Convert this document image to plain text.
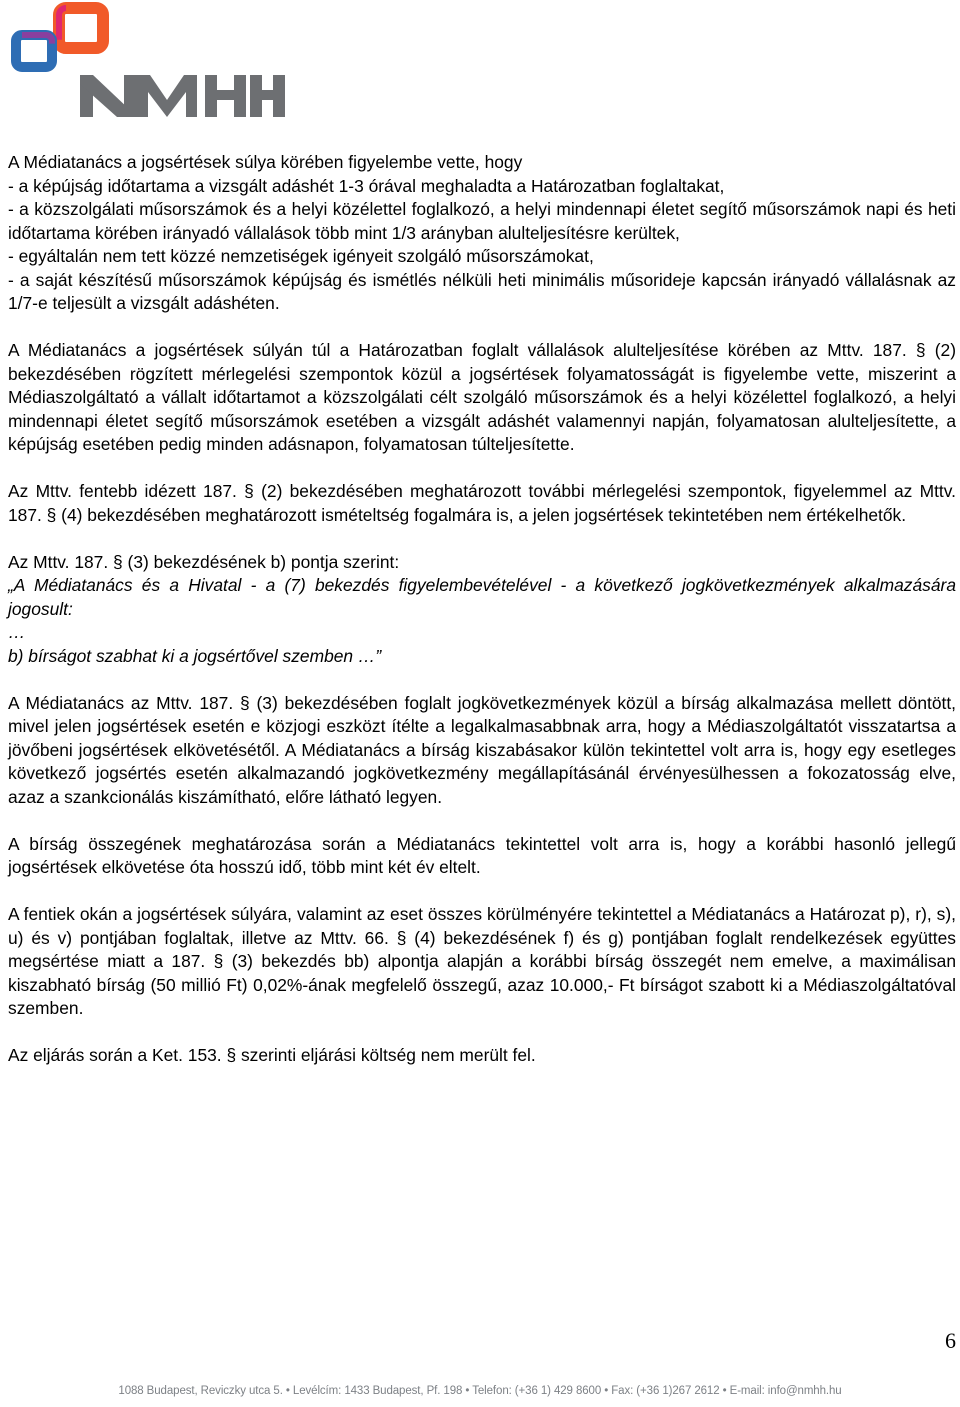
NMHH

A Médiatanács a jogsértések súlya körében figyelembe vette, hogy
- a képújság időtartama a vizsgált adáshét 1-3 órával meghaladta a Határozatban foglaltakat,
- a közszolgálati műsorszámok és a helyi közélettel foglalkozó, a helyi mindennapi életet segítő műsorszámok napi és heti időtartama körében irányadó vállalások több mint 1/3 arányban alulteljesítésre kerültek,
- egyáltalán nem tett közzé nemzetiségek igényeit szolgáló műsorszámokat,
- a saját készítésű műsorszámok képújság és ismétlés nélküli heti minimális műsorideje kapcsán irányadó vállalásnak az 1/7-e teljesült a vizsgált adáshéten.

A Médiatanács a jogsértések súlyán túl a Határozatban foglalt vállalások alulteljesítése körében az Mttv. 187. § (2) bekezdésében rögzített mérlegelési szempontok közül a jogsértések folyamatosságát is figyelembe vette, miszerint a Médiaszolgáltató a vállalt időtartamot a közszolgálati célt szolgáló műsorszámok és a helyi közélettel foglalkozó, a helyi mindennapi életet segítő műsorszámok esetében a vizsgált adáshét valamennyi napján, folyamatosan alulteljesítette, a képújság esetében pedig minden adásnapon, folyamatosan túlteljesítette.

Az Mttv. fentebb idézett 187. § (2) bekezdésében meghatározott további mérlegelési szempontok, figyelemmel az Mttv. 187. § (4) bekezdésében meghatározott ismételtség fogalmára is, a jelen jogsértések tekintetében nem értékelhetők.

Az Mttv. 187. § (3) bekezdésének b) pontja szerint:
„A Médiatanács és a Hivatal - a (7) bekezdés figyelembevételével - a következő jogkövetkezmények alkalmazására jogosult:
…
b) bírságot szabhat ki a jogsértővel szemben …”

A Médiatanács az Mttv. 187. § (3) bekezdésében foglalt jogkövetkezmények közül a bírság alkalmazása mellett döntött, mivel jelen jogsértések esetén e közjogi eszközt ítélte a legalkalmasabbnak arra, hogy a Médiaszolgáltatót visszatartsa a jövőbeni jogsértések elkövetésétől. A Médiatanács a bírság kiszabásakor külön tekintettel volt arra is, hogy egy esetleges következő jogsértés esetén alkalmazandó jogkövetkezmény megállapításánál érvényesülhessen a fokozatosság elve, azaz a szankcionálás kiszámítható, előre látható legyen.

A bírság összegének meghatározása során a Médiatanács tekintettel volt arra is, hogy a korábbi hasonló jellegű jogsértések elkövetése óta hosszú idő, több mint két év eltelt.

A fentiek okán a jogsértések súlyára, valamint az eset összes körülményére tekintettel a Médiatanács a Határozat p), r), s), u) és v) pontjában foglaltak, illetve az Mttv. 66. § (4) bekezdésének f) és g) pontjában foglalt rendelkezések együttes megsértése miatt a 187. § (3) bekezdés bb) alpontja alapján a korábbi bírság összegét nem emelve, a maximálisan kiszabható bírság (50 millió Ft) 0,02%-ának megfelelő összegű, azaz 10.000,- Ft bírságot szabott ki a Médiaszolgáltatóval szemben.

Az eljárás során a Ket. 153. § szerinti eljárási költség nem merült fel.

6
1088 Budapest, Reviczky utca 5. • Levélcím: 1433 Budapest, Pf. 198 • Telefon: (+36 1) 429 8600 • Fax: (+36 1)267 2612 • E-mail: info@nmhh.hu
